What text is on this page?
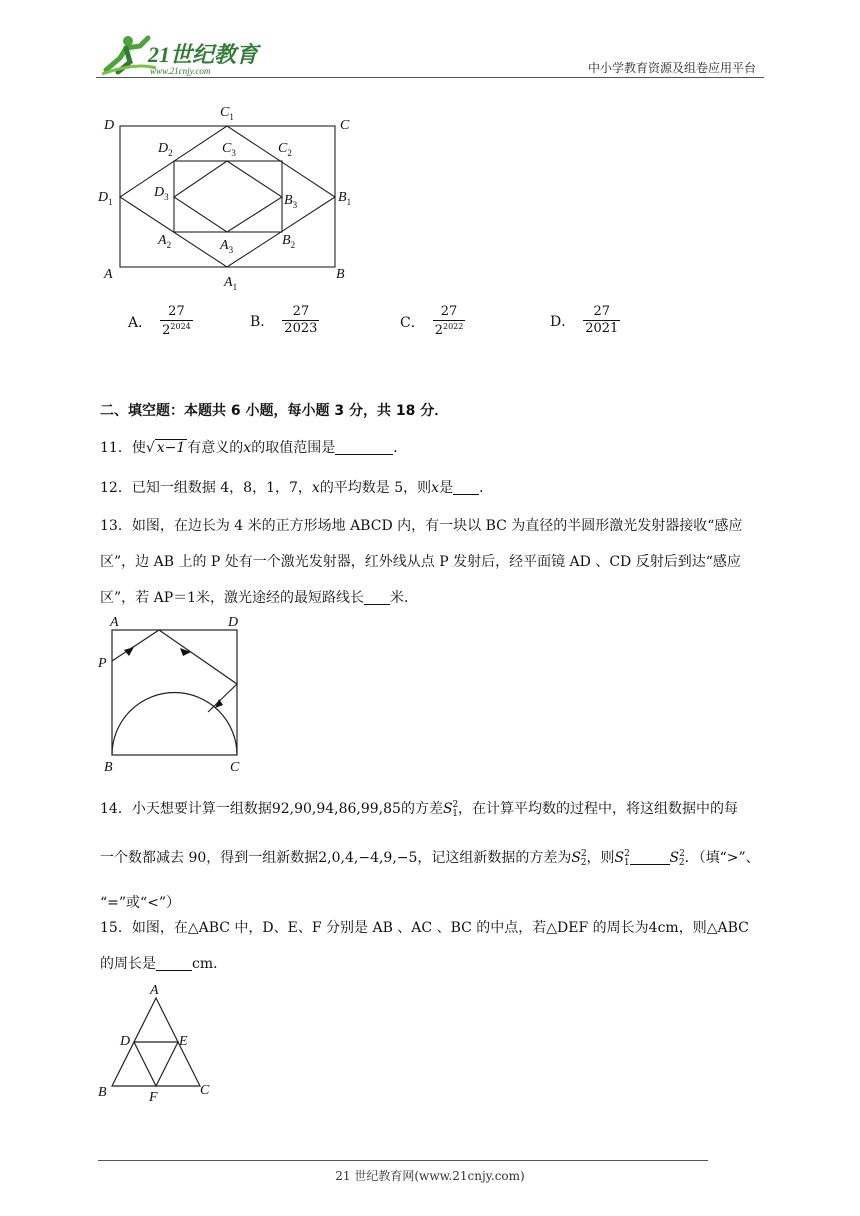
21世纪教育
www.21cnjy.com	中小学教育资源及组卷应用平台
D
$C_1$
C
$D_2$	$C_3$	$C_2$
$D_1$
$D_3$	$B_3$	$B_1$
$A_2$	$A_3$
$B_2$
A
$A_1$
B
A． $\frac{27}{2^{2024}}$	B． $\frac{27}{2023}$	C． $\frac{27}{2^{2022}}$	D． $\frac{27}{2021}$
二、填空题：本题共 6 小题，每小题 3 分，共 18 分．
11．使√ x−1 有意义的x的取值范围是	．
12．已知一组数据 4，8，1，7，x的平均数是 5，则x是 ．
13．如图，在边长为 4 米的正方形场地 ABCD 内，有一块以 BC 为直径的半圆形激光发射器接收“感应
区”，边 AB 上的 P 处有一个激光发射器，红外线从点 P 发射后，经平面镜 AD 、CD 反射后到达“感应
区”，若 AP＝1米，激光途经的最短路线长 米．
A	D
P
B	C
14．小天想要计算一组数据92,90,94,86,99,85的方差$S^2_1$，在计算平均数的过程中，将这组数据中的每
一个数都减去 90，得到一组新数据2,0,4,−4,9,−5，记这组新数据的方差为$S^2_2$，则$S^2_1$	$S^2_2$．（填“>”、
“=”或“<”）
15．如图，在△ABC 中，D、E、F 分别是 AB 、AC 、BC 的中点，若△DEF 的周长为4cm，则△ABC
的周长是	cm．
A
D	E
B	F	C
21 世纪教育网(www.21cnjy.com)
